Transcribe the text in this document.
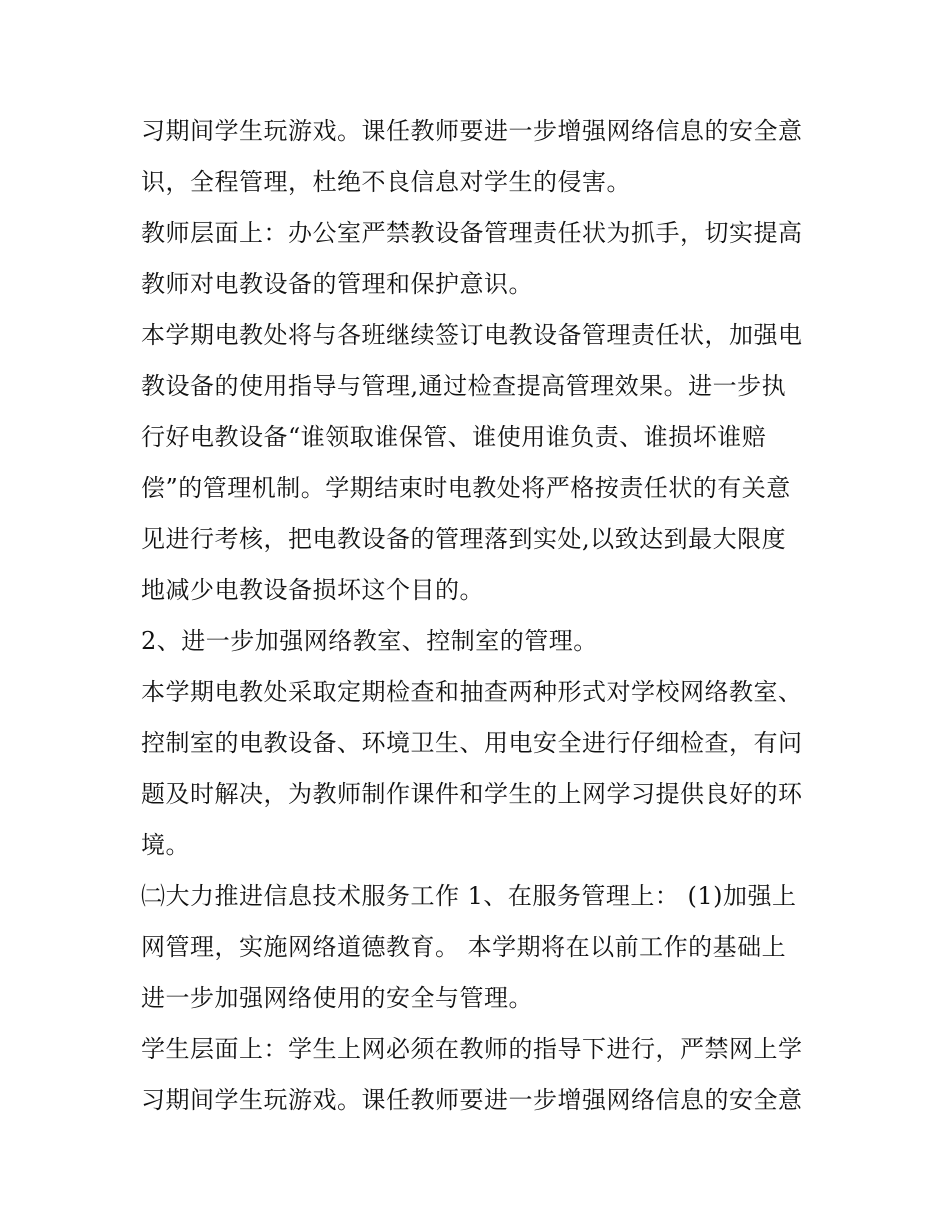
习期间学生玩游戏。课任教师要进一步增强网络信息的安全意
识，全程管理，杜绝不良信息对学生的侵害。
教师层面上：办公室严禁教设备管理责任状为抓手，切实提高
教师对电教设备的管理和保护意识。
本学期电教处将与各班继续签订电教设备管理责任状，加强电
教设备的使用指导与管理,通过检查提高管理效果。进一步执
行好电教设备“谁领取谁保管、谁使用谁负责、谁损坏谁赔
偿”的管理机制。学期结束时电教处将严格按责任状的有关意
见进行考核，把电教设备的管理落到实处,以致达到最大限度
地减少电教设备损坏这个目的。
2、进一步加强网络教室、控制室的管理。
本学期电教处采取定期检查和抽查两种形式对学校网络教室、
控制室的电教设备、环境卫生、用电安全进行仔细检查，有问
题及时解决，为教师制作课件和学生的上网学习提供良好的环
境。
㈡大力推进信息技术服务工作 1、在服务管理上： (1)加强上
网管理，实施网络道德教育。 本学期将在以前工作的基础上
进一步加强网络使用的安全与管理。
学生层面上：学生上网必须在教师的指导下进行，严禁网上学
习期间学生玩游戏。课任教师要进一步增强网络信息的安全意
